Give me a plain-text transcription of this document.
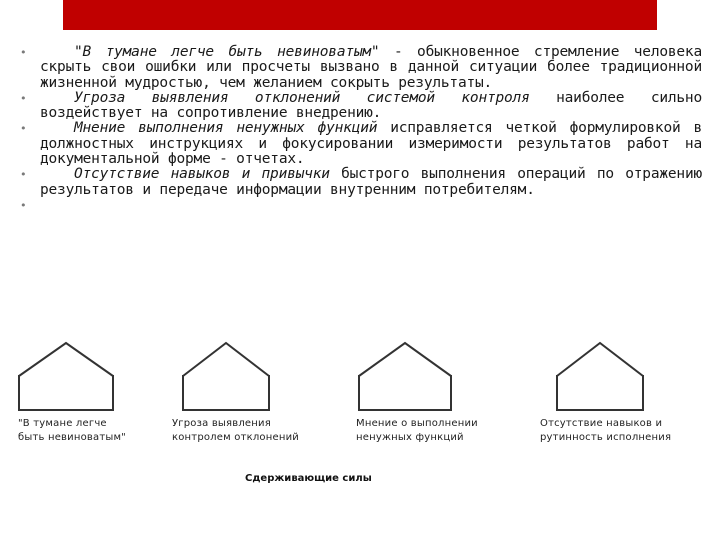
•	"В тумане легче быть невиноватым" - обыкновенное стремление человека скрыть свои ошибки или просчеты вызвано в данной ситуации более традиционной жизненной мудростью, чем желанием сокрыть результаты.
•	Угроза выявления отклонений системой контроля наиболее сильно воздействует на сопротивление внедрению.
•	Мнение выполнения ненужных функций исправляется четкой формулировкой в должностных инструкциях и фокусировании измеримости результатов работ на документальной форме - отчетах.
•	Отсутствие навыков и привычки быстрого выполнения операций по отражению результатов и передаче информации внутренним потребителям.
•
"В тумане легче
быть невиноватым"
Угроза выявления
контролем отклонений
Мнение о выполнении
ненужных функций
Отсутствие навыков и
рутинность исполнения
Сдерживающие силы
